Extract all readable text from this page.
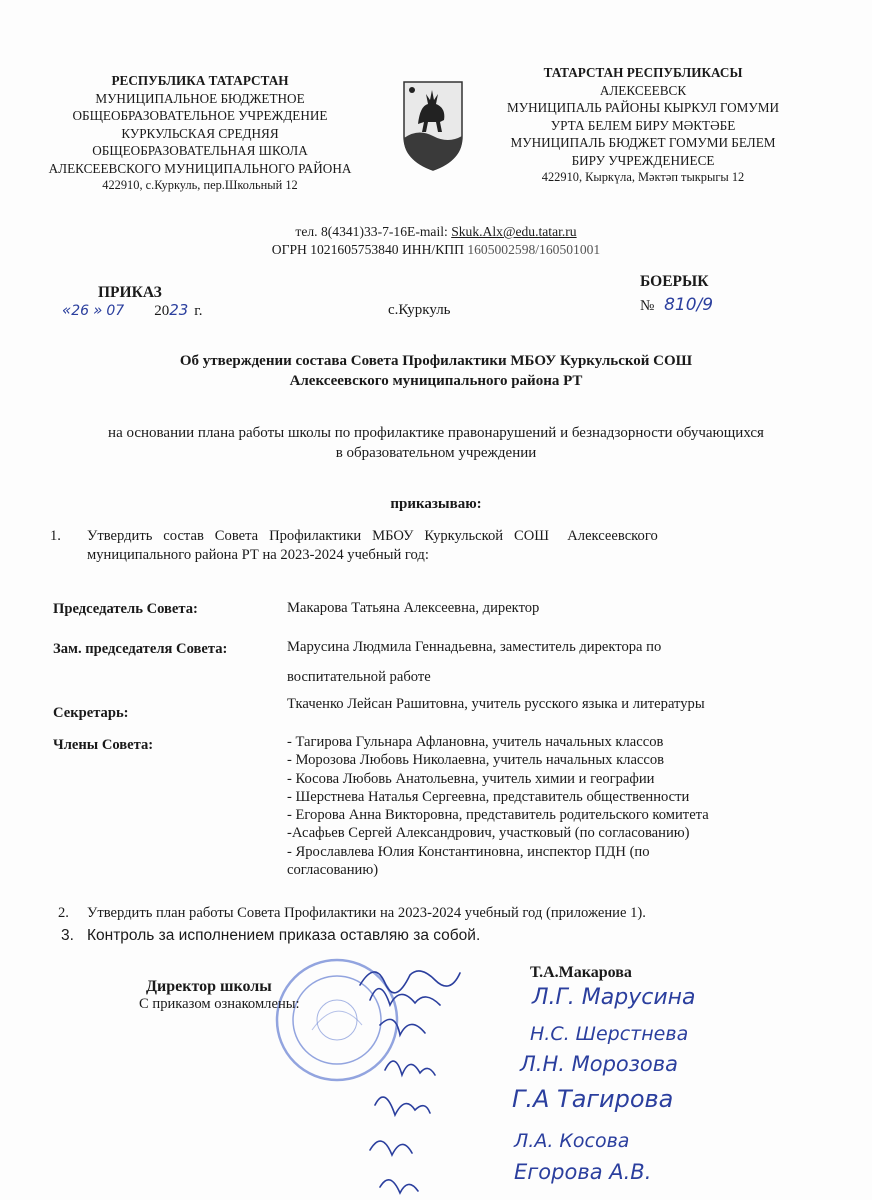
РЕСПУБЛИКА ТАТАРСТАН
МУНИЦИПАЛЬНОЕ БЮДЖЕТНОЕ
ОБЩЕОБРАЗОВАТЕЛЬНОЕ УЧРЕЖДЕНИЕ
КУРКУЛЬСКАЯ СРЕДНЯЯ
ОБЩЕОБРАЗОВАТЕЛЬНАЯ ШКОЛА
АЛЕКСЕЕВСКОГО МУНИЦИПАЛЬНОГО РАЙОНА
422910, с.Куркуль, пер.Школьный 12
ТАТАРСТАН РЕСПУБЛИКАСЫ
АЛЕКСЕЕВСК
МУНИЦИПАЛЬ РАЙОНЫ КЫРКУЛ ГОМУМИ
УРТА БЕЛЕМ БИРУ МӘКТӘБЕ
МУНИЦИПАЛЬ БЮДЖЕТ ГОМУМИ БЕЛЕМ
БИРУ УЧРЕЖДЕНИЕСЕ
422910, Кыркүла, Мәктәп тыкрыгы 12
тел. 8(4341)33-7-16E-mail: Skuk.Alx@edu.tatar.ru
ОГРН 1021605753840 ИНН/КПП 1605002598/160501001
ПРИКАЗ
БОЕРЫК
«26 » 07 2023 г.	с.Куркуль	№ 810/9
Об утверждении состава Совета Профилактики МБОУ Куркульской СОШ
Алексеевского муниципального района РТ
на основании плана работы школы по профилактике правонарушений и безнадзорности обучающихся
в образовательном учреждении
приказываю:
1. Утвердить   состав   Совета   Профилактики   МБОУ   Куркульской   СОШ     Алексеевского
муниципального района РТ на 2023-2024 учебный год:
Председатель Совета:	Макарова Татьяна Алексеевна, директор
Зам. председателя Совета:	Марусина Людмила Геннадьевна, заместитель директора по
воспитательной работе
Секретарь:
Ткаченко Лейсан Рашитовна, учитель русского языка и литературы
Члены Совета:	- Тагирова Гульнара Афлановна, учитель начальных классов
- Морозова Любовь Николаевна, учитель начальных классов
- Косова Любовь Анатольевна, учитель химии и географии
- Шерстнева Наталья Сергеевна, представитель общественности
- Егорова Анна Викторовна, представитель родительского комитета
-Асафьев Сергей Александрович, участковый (по согласованию)
- Ярославлева Юлия Константиновна, инспектор ПДН (по
согласованию)
2. Утвердить план работы Совета Профилактики на 2023-2024 учебный год (приложение 1).
3. Контроль за исполнением приказа оставляю за собой.
Директор школы
С приказом ознакомлены:
Т.А.Макарова
Л.Г. Марусина
Н.С. Шерстнева
Л.Н. Морозова
Г.А Тагирова
Л.А. Косова
Егорова А.В.
